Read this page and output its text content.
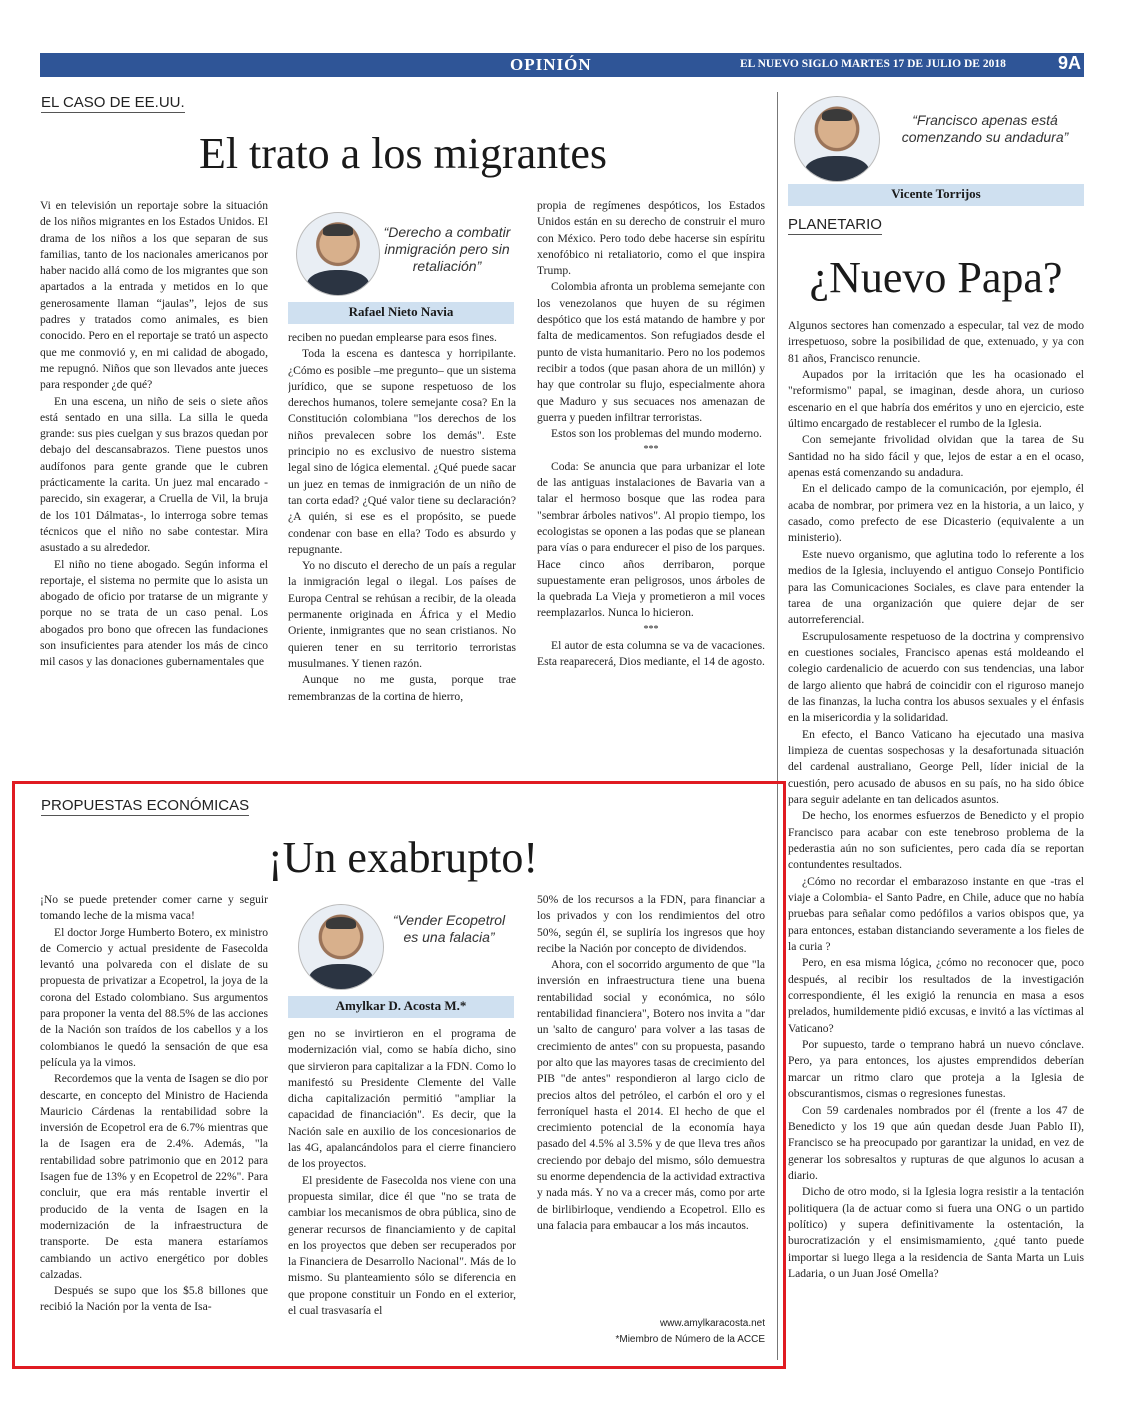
OPINIÓN	EL NUEVO SIGLO MARTES 17 DE JULIO DE 2018	9A
EL CASO DE EE.UU.
El trato a los migrantes

Vi en televisión un reportaje sobre la situación de los niños migrantes en los Estados Unidos. El drama de los niños a los que separan de sus familias, tanto de los nacionales americanos por haber nacido allá como de los migrantes que son apartados a la entrada y metidos en lo que generosamente llaman “jaulas”, lejos de sus padres y tratados como animales, es bien conocido. Pero en el reportaje se trató un aspecto que me conmovió y, en mi calidad de abogado, me repugnó. Niños que son llevados ante jueces para responder ¿de qué?

En una escena, un niño de seis o siete años está sentado en una silla. La silla le queda grande: sus pies cuelgan y sus brazos quedan por debajo del descansabrazos. Tiene puestos unos audífonos para gente grande que le cubren prácticamente la carita. Un juez mal encarado -parecido, sin exagerar, a Cruella de Vil, la bruja de los 101 Dálmatas-, lo interroga sobre temas técnicos que el niño no sabe contestar. Mira asustado a su alrededor.

El niño no tiene abogado. Según informa el reportaje, el sistema no permite que lo asista un abogado de oficio por tratarse de un migrante y porque no se trata de un caso penal. Los abogados pro bono que ofrecen las fundaciones son insuficientes para atender los más de cinco mil casos y las donaciones gubernamentales que

“Derecho a combatir inmigración pero sin retaliación”
Rafael Nieto Navia

reciben no puedan emplearse para esos fines.

Toda la escena es dantesca y horripilante. ¿Cómo es posible –me pregunto– que un sistema jurídico, que se supone respetuoso de los derechos humanos, tolere semejante cosa? En la Constitución colombiana "los derechos de los niños prevalecen sobre los demás". Este principio no es exclusivo de nuestro sistema legal sino de lógica elemental. ¿Qué puede sacar un juez en temas de inmigración de un niño de tan corta edad? ¿Qué valor tiene su declaración? ¿A quién, si ese es el propósito, se puede condenar con base en ella? Todo es absurdo y repugnante.

Yo no discuto el derecho de un país a regular la inmigración legal o ilegal. Los países de Europa Central se rehúsan a recibir, de la oleada permanente originada en África y el Medio Oriente, inmigrantes que no sean cristianos. No quieren tener en su territorio terroristas musulmanes. Y tienen razón.

Aunque no me gusta, porque trae remembranzas de la cortina de hierro,

propia de regímenes despóticos, los Estados Unidos están en su derecho de construir el muro con México. Pero todo debe hacerse sin espíritu xenofóbico ni retaliatorio, como el que inspira Trump.

Colombia afronta un problema semejante con los venezolanos que huyen de su régimen despótico que los está matando de hambre y por falta de medicamentos. Son refugiados desde el punto de vista humanitario. Pero no los podemos recibir a todos (que pasan ahora de un millón) y hay que controlar su flujo, especialmente ahora que Maduro y sus secuaces nos amenazan de guerra y pueden infiltrar terroristas.

Estos son los problemas del mundo moderno.

***

Coda: Se anuncia que para urbanizar el lote de las antiguas instalaciones de Bavaria van a talar el hermoso bosque que las rodea para "sembrar árboles nativos". Al propio tiempo, los ecologistas se oponen a las podas que se planean para vías o para endurecer el piso de los parques. Hace cinco años derribaron, porque supuestamente eran peligrosos, unos árboles de la quebrada La Vieja y prometieron a mil voces reemplazarlos. Nunca lo hicieron.

***

El autor de esta columna se va de vacaciones. Esta reaparecerá, Dios mediante, el 14 de agosto.

PROPUESTAS ECONÓMICAS
¡Un exabrupto!

¡No se puede pretender comer carne y seguir tomando leche de la misma vaca!

El doctor Jorge Humberto Botero, ex ministro de Comercio y actual presidente de Fasecolda levantó una polvareda con el dislate de su propuesta de privatizar a Ecopetrol, la joya de la corona del Estado colombiano. Sus argumentos para proponer la venta del 88.5% de las acciones de la Nación son traídos de los cabellos y a los colombianos le quedó la sensación de que esa película ya la vimos.

Recordemos que la venta de Isagen se dio por descarte, en concepto del Ministro de Hacienda Mauricio Cárdenas la rentabilidad sobre la inversión de Ecopetrol era de 6.7% mientras que la de Isagen era de 2.4%. Además, "la rentabilidad sobre patrimonio que en 2012 para Isagen fue de 13% y en Ecopetrol de 22%". Para concluir, que era más rentable invertir el producido de la venta de Isagen en la modernización de la infraestructura de transporte. De esta manera estaríamos cambiando un activo energético por dobles calzadas.

Después se supo que los $5.8 billones que recibió la Nación por la venta de Isa-

“Vender Ecopetrol es una falacia”
Amylkar D. Acosta M.*

gen no se invirtieron en el programa de modernización vial, como se había dicho, sino que sirvieron para capitalizar a la FDN. Como lo manifestó su Presidente Clemente del Valle dicha capitalización permitió "ampliar la capacidad de financiación". Es decir, que la Nación sale en auxilio de los concesionarios de las 4G, apalancándolos para el cierre financiero de los proyectos.

El presidente de Fasecolda nos viene con una propuesta similar, dice él que "no se trata de cambiar los mecanismos de obra pública, sino de generar recursos de financiamiento y de capital en los proyectos que deben ser recuperados por la Financiera de Desarrollo Nacional". Más de lo mismo. Su planteamiento sólo se diferencia en que propone constituir un Fondo en el exterior, el cual trasvasaría el

50% de los recursos a la FDN, para financiar a los privados y con los rendimientos del otro 50%, según él, se supliría los ingresos que hoy recibe la Nación por concepto de dividendos.

Ahora, con el socorrido argumento de que "la inversión en infraestructura tiene una buena rentabilidad social y económica, no sólo rentabilidad financiera", Botero nos invita a "dar un 'salto de canguro' para volver a las tasas de crecimiento de antes" con su propuesta, pasando por alto que las mayores tasas de crecimiento del PIB "de antes" respondieron al largo ciclo de precios altos del petróleo, el carbón el oro y el ferroníquel hasta el 2014. El hecho de que el crecimiento potencial de la economía haya pasado del 4.5% al 3.5% y de que lleva tres años creciendo por debajo del mismo, sólo demuestra su enorme dependencia de la actividad extractiva y nada más. Y no va a crecer más, como por arte de birlibirloque, vendiendo a Ecopetrol. Ello es una falacia para embaucar a los más incautos.

www.amylkaracosta.net
*Miembro de Número de la ACCE
“Francisco apenas está comenzando su andadura”
Vicente Torrijos
PLANETARIO
¿Nuevo Papa?

Algunos sectores han comenzado a especular, tal vez de modo irrespetuoso, sobre la posibilidad de que, extenuado, y ya con 81 años, Francisco renuncie.

Aupados por la irritación que les ha ocasionado el "reformismo" papal, se imaginan, desde ahora, un curioso escenario en el que habría dos eméritos y uno en ejercicio, este último encargado de restablecer el rumbo de la Iglesia.

Con semejante frivolidad olvidan que la tarea de Su Santidad no ha sido fácil y que, lejos de estar a en el ocaso, apenas está comenzando su andadura.

En el delicado campo de la comunicación, por ejemplo, él acaba de nombrar, por primera vez en la historia, a un laico, y casado, como prefecto de ese Dicasterio (equivalente a un ministerio).

Este nuevo organismo, que aglutina todo lo referente a los medios de la Iglesia, incluyendo el antiguo Consejo Pontificio para las Comunicaciones Sociales, es clave para entender la tarea de una organización que quiere dejar de ser autorreferencial.

Escrupulosamente respetuoso de la doctrina y comprensivo en cuestiones sociales, Francisco apenas está moldeando el colegio cardenalicio de acuerdo con sus tendencias, una labor de largo aliento que habrá de coincidir con el riguroso manejo de las finanzas, la lucha contra los abusos sexuales y el énfasis en la misericordia y la solidaridad.

En efecto, el Banco Vaticano ha ejecutado una masiva limpieza de cuentas sospechosas y la desafortunada situación del cardenal australiano, George Pell, líder inicial de la cuestión, pero acusado de abusos en su país, no ha sido óbice para seguir adelante en tan delicados asuntos.

De hecho, los enormes esfuerzos de Benedicto y el propio Francisco para acabar con este tenebroso problema de la pederastia aún no son suficientes, pero cada día se reportan contundentes resultados.

¿Cómo no recordar el embarazoso instante en que -tras el viaje a Colombia- el Santo Padre, en Chile, aduce que no había pruebas para señalar como pedófilos a varios obispos que, ya para entonces, estaban distanciando severamente a los fieles de la curia ?

Pero, en esa misma lógica, ¿cómo no reconocer que, poco después, al recibir los resultados de la investigación correspondiente, él les exigió la renuncia en masa a esos prelados, humildemente pidió excusas, e invitó a las víctimas al Vaticano?

Por supuesto, tarde o temprano habrá un nuevo cónclave. Pero, ya para entonces, los ajustes emprendidos deberían marcar un ritmo claro que proteja a la Iglesia de obscurantismos, cismas o regresiones funestas.

Con 59 cardenales nombrados por él (frente a los 47 de Benedicto y los 19 que aún quedan desde Juan Pablo II), Francisco se ha preocupado por garantizar la unidad, en vez de generar los sobresaltos y rupturas de que algunos lo acusan a diario.

Dicho de otro modo, si la Iglesia logra resistir a la tentación politiquera (la de actuar como si fuera una ONG o un partido político) y supera definitivamente la ostentación, la burocratización y el ensimismamiento, ¿qué tanto puede importar si luego llega a la residencia de Santa Marta un Luis Ladaria, o un Juan José Omella?
